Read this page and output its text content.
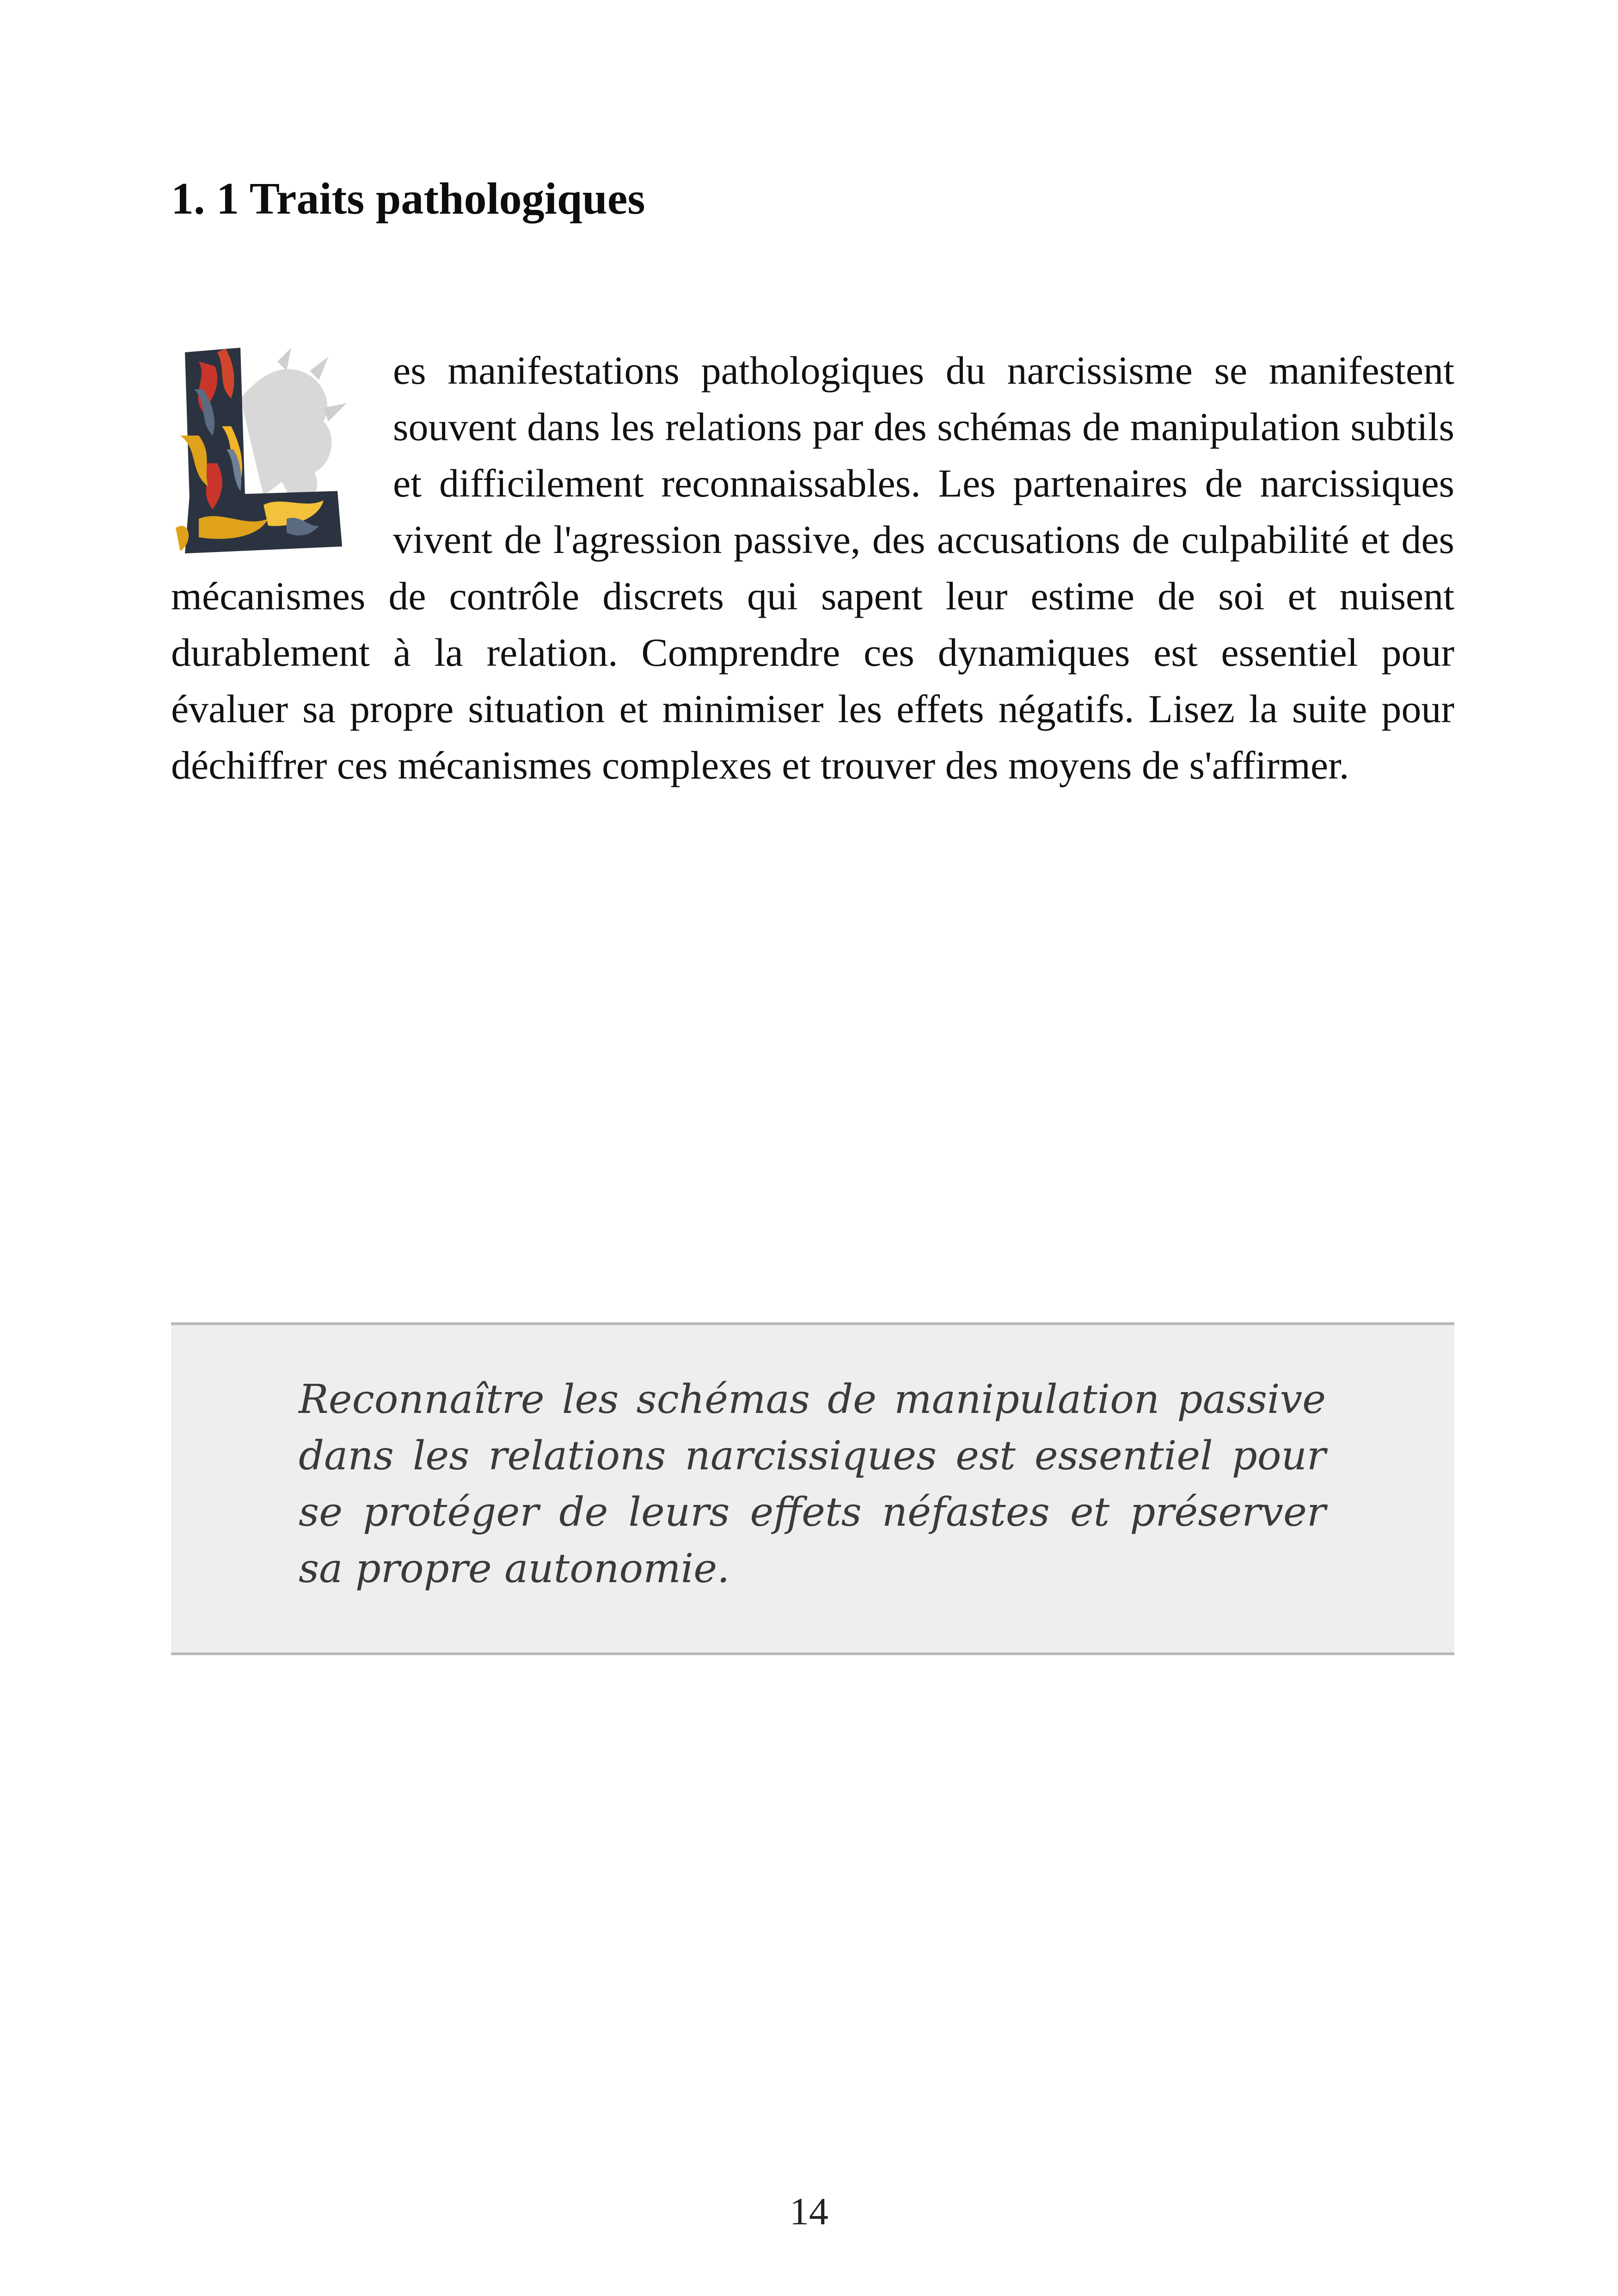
1. 1 Traits pathologiques

es manifestations pathologiques du narcissisme se manifestent souvent dans les relations par des schémas de manipulation subtils et difficilement reconnaissables. Les partenaires de narcissiques vivent de l'agression passive, des accusations de culpabilité et des mécanismes de contrôle discrets qui sapent leur estime de soi et nuisent durablement à la relation. Comprendre ces dynamiques est essentiel pour évaluer sa propre situation et minimiser les effets négatifs. Lisez la suite pour déchiffrer ces mécanismes complexes et trouver des moyens de s'affirmer.

Reconnaître les schémas de manipulation passive dans les relations narcissiques est essentiel pour se protéger de leurs effets néfastes et préserver sa propre autonomie.

14
